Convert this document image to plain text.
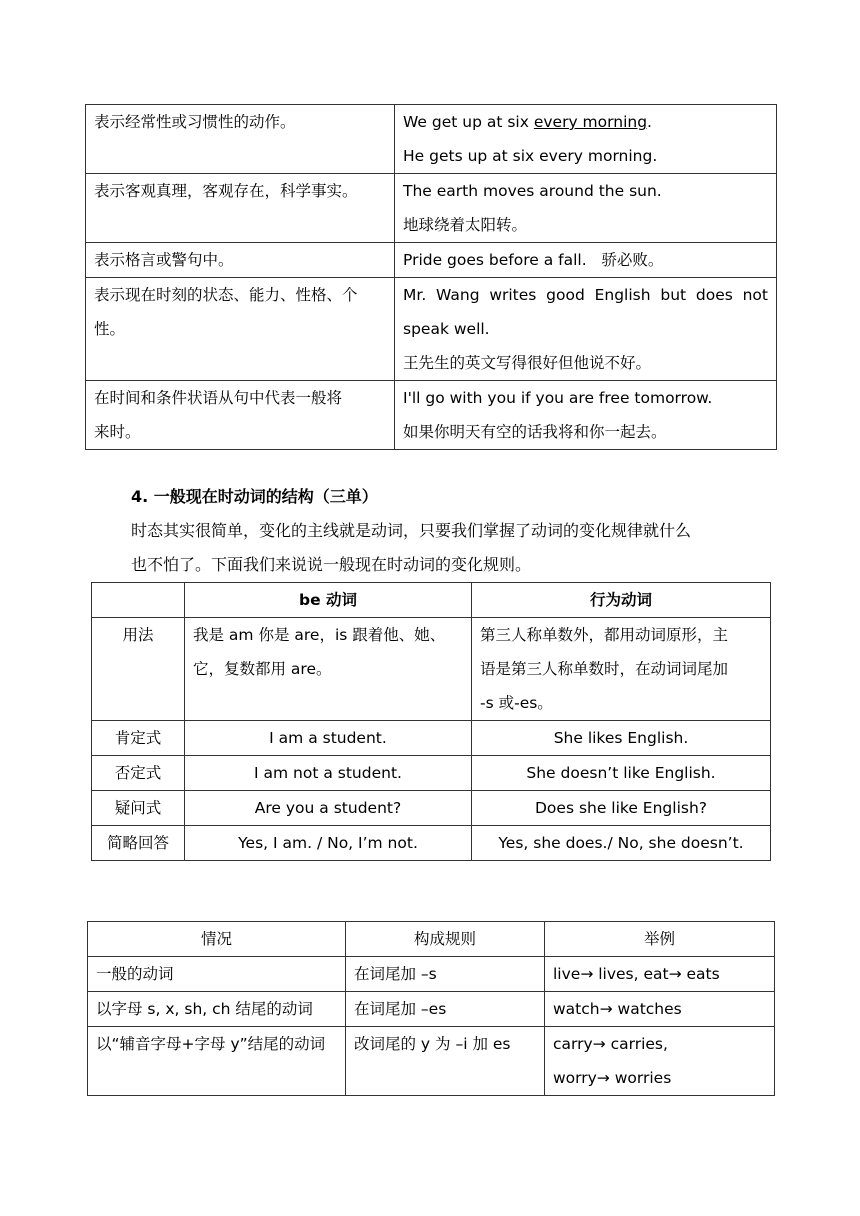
表示经常性或习惯性的动作。	We get up at six every morning.
He gets up at six every morning.

表示客观真理，客观存在，科学事实。	The earth moves around the sun.
地球绕着太阳转。

表示格言或警句中。	Pride goes before a fall.   骄必败。

表示现在时刻的状态、能力、性格、个
性。	Mr. Wang writes good English but does not
speak well.
王先生的英文写得很好但他说不好。

在时间和条件状语从句中代表一般将
来时。	I'll go with you if you are free tomorrow.
如果你明天有空的话我将和你一起去。
4. 一般现在时动词的结构（三单）
时态其实很简单，变化的主线就是动词，只要我们掌握了动词的变化规律就什么
也不怕了。下面我们来说说一般现在时动词的变化规则。
	be 动词	行为动词
用法	我是 am 你是 are，is 跟着他、她、
它，复数都用 are。	第三人称单数外，都用动词原形，主
语是第三人称单数时，在动词词尾加
-s 或-es。

肯定式	I am a student.	She likes English.
否定式	I am not a student.	She doesn’t like English.
疑问式	Are you a student?	Does she like English?
简略回答	Yes, I am. / No, I’m not.	Yes, she does./ No, she doesn’t.
情况	构成规则	举例
一般的动词	在词尾加 –s	live→ lives, eat→ eats
以字母 s, x, sh, ch 结尾的动词	在词尾加 –es	watch→ watches
以“辅音字母+字母 y”结尾的动词	改词尾的 y 为 –i 加 es	carry→ carries,
worry→ worries
